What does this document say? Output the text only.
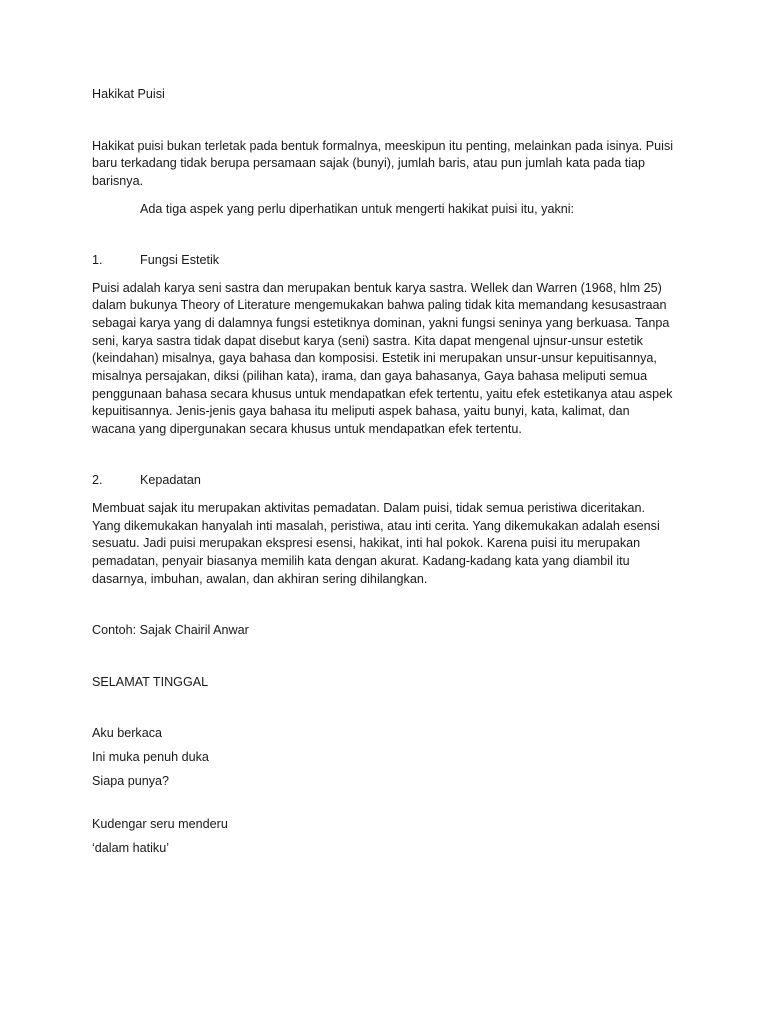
Hakikat Puisi

Hakikat puisi bukan terletak pada bentuk formalnya, meeskipun itu penting, melainkan pada isinya. Puisi baru terkadang tidak berupa persamaan sajak (bunyi), jumlah baris, atau pun jumlah kata pada tiap barisnya.

Ada tiga aspek yang perlu diperhatikan untuk mengerti hakikat puisi itu, yakni:

1.	Fungsi Estetik

Puisi adalah karya seni sastra dan merupakan bentuk karya sastra. Wellek dan Warren (1968, hlm 25) dalam bukunya Theory of Literature mengemukakan bahwa paling tidak kita memandang kesusastraan sebagai karya yang di dalamnya fungsi estetiknya dominan, yakni fungsi seninya yang berkuasa. Tanpa seni, karya sastra tidak dapat disebut karya (seni) sastra. Kita dapat mengenal ujnsur-unsur estetik (keindahan) misalnya, gaya bahasa dan komposisi. Estetik ini merupakan unsur-unsur kepuitisannya, misalnya persajakan, diksi (pilihan kata), irama, dan gaya bahasanya, Gaya bahasa meliputi semua penggunaan bahasa secara khusus untuk mendapatkan efek tertentu, yaitu efek estetikanya atau aspek kepuitisannya. Jenis-jenis gaya bahasa itu meliputi aspek bahasa, yaitu bunyi, kata, kalimat, dan wacana yang dipergunakan secara khusus untuk mendapatkan efek tertentu.

2.	Kepadatan

Membuat sajak itu merupakan aktivitas pemadatan. Dalam puisi, tidak semua peristiwa diceritakan. Yang dikemukakan hanyalah inti masalah, peristiwa, atau inti cerita. Yang dikemukakan adalah esensi sesuatu. Jadi puisi merupakan ekspresi esensi, hakikat, inti hal pokok. Karena puisi itu merupakan pemadatan, penyair biasanya memilih kata dengan akurat. Kadang-kadang kata yang diambil itu dasarnya, imbuhan, awalan, dan akhiran sering dihilangkan.

Contoh: Sajak Chairil Anwar

SELAMAT TINGGAL

Aku berkaca

Ini muka penuh duka

Siapa punya?

Kudengar seru menderu

‘dalam hatiku’
